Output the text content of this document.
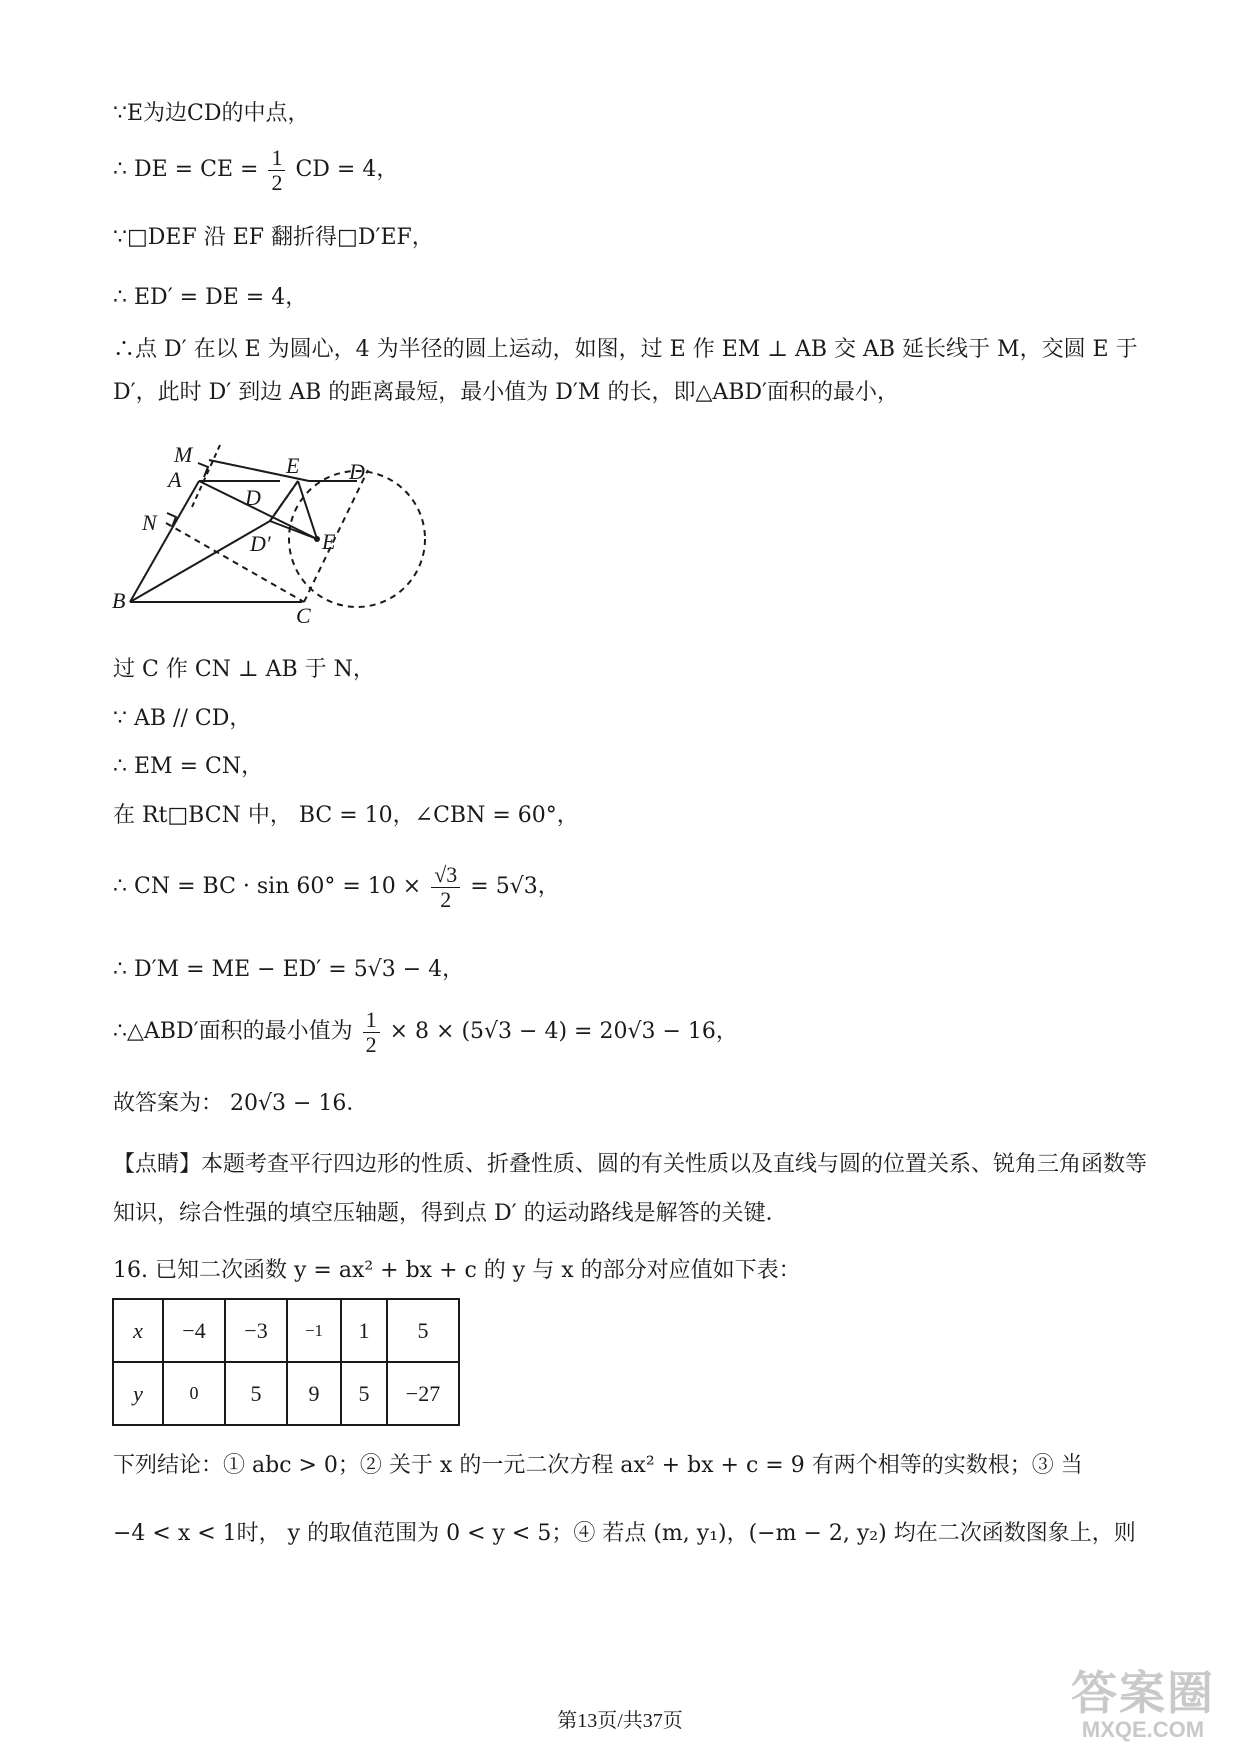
∵E为边CD的中点，
∴ DE = CE = $\frac{1}{2}$ CD = 4，
∵□DEF 沿 EF 翻折得□D′EF，
∴ ED′ = DE = 4，
∴点 D′ 在以 E 为圆心，4 为半径的圆上运动，如图，过 E 作 EM ⊥ AB 交 AB 延长线于 M，交圆 E 于
D′，此时 D′ 到边 AB 的距离最短，最小值为 D′M 的长，即△ABD′面积的最小，
M
A
E D
D
N
D′ E
B
C
过 C 作 CN ⊥ AB 于 N，
∵ AB // CD，
∴ EM = CN，
在 Rt□BCN 中， BC = 10，∠CBN = 60°，
∴ CN = BC · $\sin 60^\circ = 10 \times \frac{√3}{2} = 5√3$，
∴ D′M = ME − ED′ = 5√3 − 4，
∴△ABD′面积的最小值为 $\frac{1}{2} \times 8 \times (5√3 - 4) = 20√3 - 16$，
故答案为： 20√3 − 16．
【点睛】本题考查平行四边形的性质、折叠性质、圆的有关性质以及直线与圆的位置关系、锐角三角函数等
知识，综合性强的填空压轴题，得到点 D′ 的运动路线是解答的关键．
16. 已知二次函数 y = ax² + bx + c 的 y 与 x 的部分对应值如下表：
x	−4	−3	−1	1	5
y	0	5	9	5	−27
下列结论：① abc > 0；② 关于 x 的一元二次方程 ax² + bx + c = 9 有两个相等的实数根；③ 当
−4 < x < 1时， y 的取值范围为 0 < y < 5；④ 若点 (m, y₁)，(−m − 2, y₂) 均在二次函数图象上，则
第13页/共37页
答案圈
MXQE.COM
